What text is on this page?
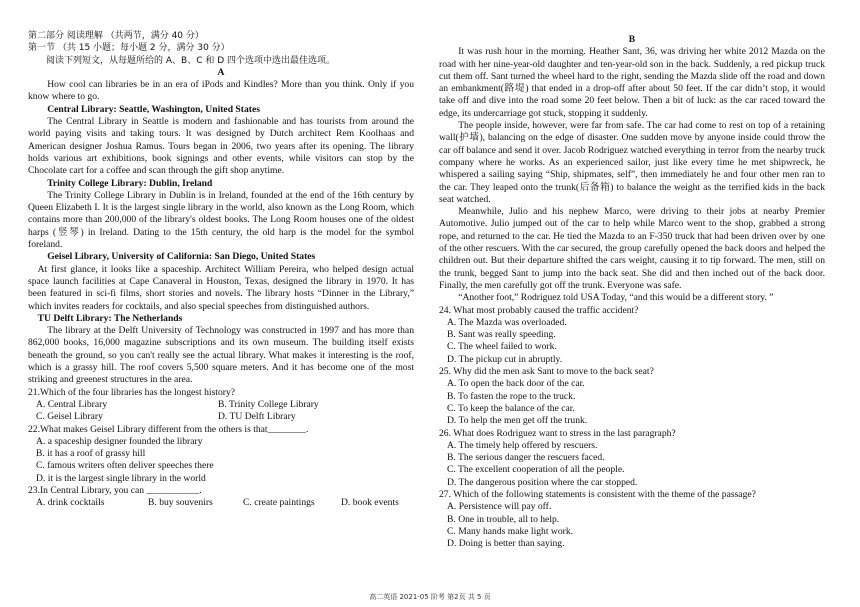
第二部分 阅读理解 （共两节，满分 40 分）

第一节 （共 15 小题；每小题 2 分，满分 30 分）

阅读下列短文，从每题所给的 A、B、C 和 D 四个选项中选出最佳选项。

A

How cool can libraries be in an era of iPods and Kindles? More than you think. Only if you know where to go.

Central Library: Seattle, Washington, United States

The Central Library in Seattle is modern and fashionable and has tourists from around the world paying visits and taking tours. It was designed by Dutch architect Rem Koolhaas and American designer Joshua Ramus. Tours began in 2006, two years after its opening. The library holds various art exhibitions, book signings and other events, while visitors can stop by the Chocolate cart for a coffee and scan through the gift shop anytime.

Trinity College Library: Dublin, Ireland

The Trinity College Library in Dublin is in Ireland, founded at the end of the 16th century by Queen Elizabeth I. It is the largest single library in the world, also known as the Long Room, which contains more than 200,000 of the library's oldest books. The Long Room houses one of the oldest harps (竖琴) in Ireland. Dating to the 15th century, the old harp is the model for the symbol foreland.

Geisel Library, University of California: San Diego, United States

At first glance, it looks like a spaceship. Architect William Pereira, who helped design actual space launch facilities at Cape Canaveral in Houston, Texas, designed the library in 1970. It has been featured in sci-fi films, short stories and novels. The library hosts “Dinner in the Library,” which invites readers for cocktails, and also special speeches from distinguished authors.

TU Delft Library: The Netherlands

The library at the Delft University of Technology was constructed in 1997 and has more than 862,000 books, 16,000 magazine subscriptions and its own museum. The building itself exists beneath the ground, so you can't really see the actual library. What makes it interesting is the roof, which is a grassy hill. The roof covers 5,500 square meters. And it has become one of the most striking and greenest structures in the area.

21.Which of the four libraries has the longest history?

A. Central Library	B. Trinity College Library
C. Geisel Library	D. TU Delft Library

22.What makes Geisel Library different from the others is that________.

A. a spaceship designer founded the library
B. it has a roof of grassy hill
C. famous writers often deliver speeches there
D. it is the largest single library in the world

23.In Central Library, you can ___________.

A. drink cocktails	B. buy souvenirs	C. create paintings	D. book events

B

It was rush hour in the morning. Heather Sant, 36, was driving her white 2012 Mazda on the road with her nine-year-old daughter and ten-year-old son in the back. Suddenly, a red pickup truck cut them off. Sant turned the wheel hard to the right, sending the Mazda slide off the road and down an embankment(路堤) that ended in a drop-off after about 50 feet. If the car didn’t stop, it would take off and dive into the road some 20 feet below. Then a bit of luck: as the car raced toward the edge, its undercarriage got stuck, stopping it suddenly.

The people inside, however, were far from safe. The car had come to rest on top of a retaining wall(护墙), balancing on the edge of disaster. One sudden move by anyone inside could throw the car off balance and send it over. Jacob Rodriguez watched everything in terror from the nearby truck company where he works. As an experienced sailor, just like every time he met shipwreck, he whispered a sailing saying “Ship, shipmates, self”, then immediately he and four other men ran to the car. They leaped onto the trunk(后备箱) to balance the weight as the terrified kids in the back seat watched.

Meanwhile, Julio and his nephew Marco, were driving to their jobs at nearby Premier Automotive. Julio jumped out of the car to help while Marco went to the shop, grabbed a strong rope, and returned to the car. He tied the Mazda to an F-350 truck that had been driven over by one of the other rescuers. With the car secured, the group carefully opened the back doors and helped the children out. But their departure shifted the cars weight, causing it to tip forward. The men, still on the trunk, begged Sant to jump into the back seat. She did and then inched out of the back door. Finally, the men carefully got off the trunk. Everyone was safe.

“Another foot,” Rodriguez told USA Today, “and this would be a different story. ”

24. What most probably caused the traffic accident?

A. The Mazda was overloaded.
B. Sant was really speeding.
C. The wheel failed to work.
D. The pickup cut in abruptly.

25. Why did the men ask Sant to move to the back seat?

A. To open the back door of the car.
B. To fasten the rope to the truck.
C. To keep the balance of the car.
D. To help the men get off the trunk.

26. What does Rodriguez want to stress in the last paragraph?

A. The timely help offered by rescuers.
B. The serious danger the rescuers faced.
C. The excellent cooperation of all the people.
D. The dangerous position where the car stopped.

27. Which of the following statements is consistent with the theme of the passage?

A. Persistence will pay off.
B. One in trouble, all to help.
C. Many hands make light work.
D. Doing is better than saying.
高二英语 2021-05 阶考 第2页 共 5 页
